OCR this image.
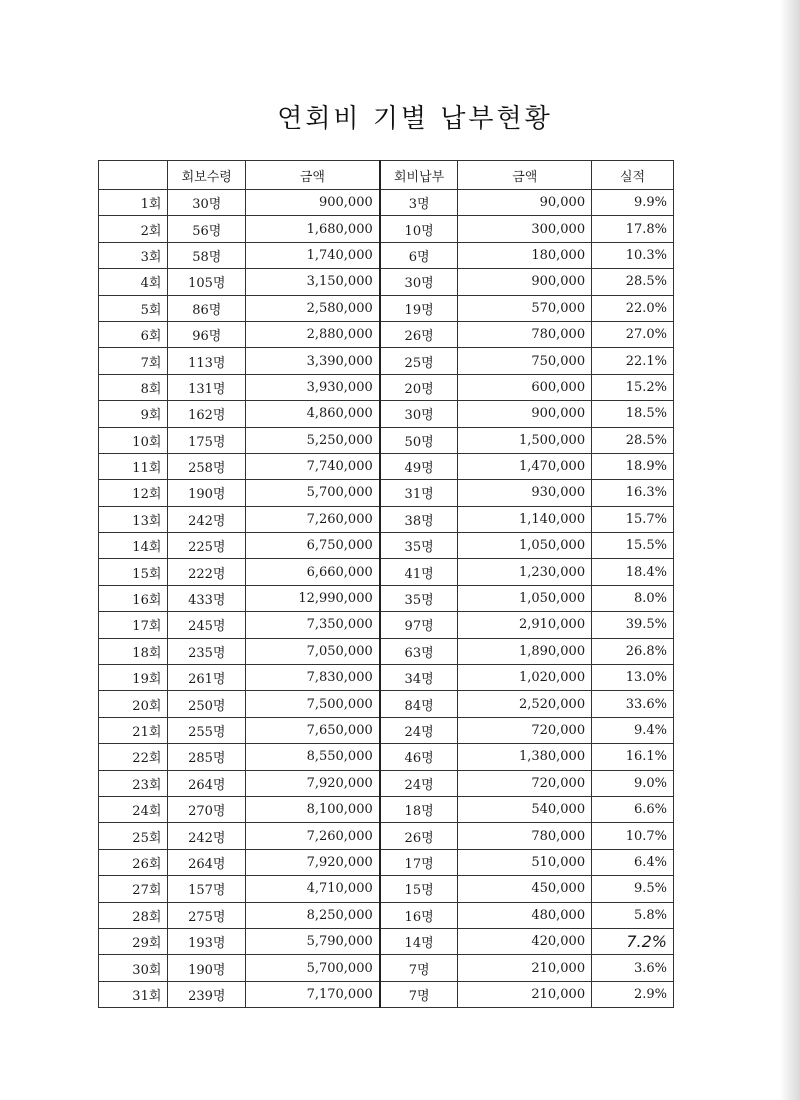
연회비 기별 납부현황
	회보수령	금액	회비납부	금액	실적
1회	30명	900,000	3명	90,000	9.9%
2회	56명	1,680,000	10명	300,000	17.8%
3회	58명	1,740,000	6명	180,000	10.3%
4회	105명	3,150,000	30명	900,000	28.5%
5회	86명	2,580,000	19명	570,000	22.0%
6회	96명	2,880,000	26명	780,000	27.0%
7회	113명	3,390,000	25명	750,000	22.1%
8회	131명	3,930,000	20명	600,000	15.2%
9회	162명	4,860,000	30명	900,000	18.5%
10회	175명	5,250,000	50명	1,500,000	28.5%
11회	258명	7,740,000	49명	1,470,000	18.9%
12회	190명	5,700,000	31명	930,000	16.3%
13회	242명	7,260,000	38명	1,140,000	15.7%
14회	225명	6,750,000	35명	1,050,000	15.5%
15회	222명	6,660,000	41명	1,230,000	18.4%
16회	433명	12,990,000	35명	1,050,000	8.0%
17회	245명	7,350,000	97명	2,910,000	39.5%
18회	235명	7,050,000	63명	1,890,000	26.8%
19회	261명	7,830,000	34명	1,020,000	13.0%
20회	250명	7,500,000	84명	2,520,000	33.6%
21회	255명	7,650,000	24명	720,000	9.4%
22회	285명	8,550,000	46명	1,380,000	16.1%
23회	264명	7,920,000	24명	720,000	9.0%
24회	270명	8,100,000	18명	540,000	6.6%
25회	242명	7,260,000	26명	780,000	10.7%
26회	264명	7,920,000	17명	510,000	6.4%
27회	157명	4,710,000	15명	450,000	9.5%
28회	275명	8,250,000	16명	480,000	5.8%
29회	193명	5,790,000	14명	420,000	7.2%
30회	190명	5,700,000	7명	210,000	3.6%
31회	239명	7,170,000	7명	210,000	2.9%
